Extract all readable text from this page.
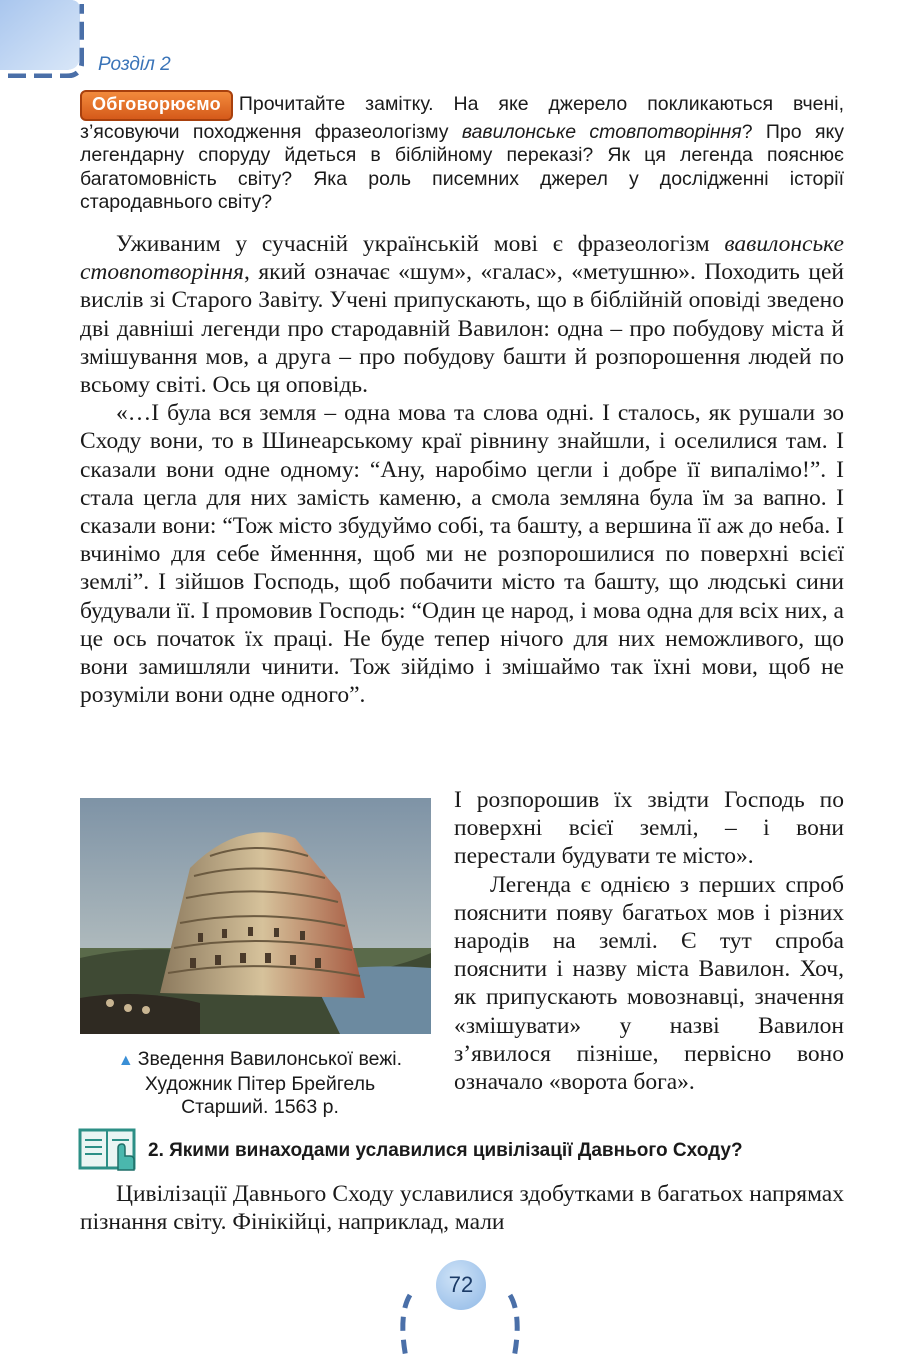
Розділ 2
Обговорюємо Прочитайте замітку. На яке джерело покликаються вчені, з’ясовуючи походження фразеологізму вавилонське стовпотворіння? Про яку легендарну споруду йдеться в біблійному переказі? Як ця легенда пояснює багатомовність світу? Яка роль писемних джерел у дослідженні історії стародавнього світу?

Уживаним у сучасній українській мові є фразеологізм вавилонське стовпотворіння, який означає «шум», «галас», «метушню». Походить цей вислів зі Старого Завіту. Учені припускають, що в біблійній оповіді зведено дві давніші легенди про стародавній Вавилон: одна – про побудову міста й змішування мов, а друга – про побудову башти й розпорошення людей по всьому світі. Ось ця оповідь.

«…І була вся земля – одна мова та слова одні. І сталось, як рушали зо Сходу вони, то в Шинеарському краї рівнину знайшли, і оселилися там. І сказали вони одне одному: “Ану, наробімо цегли і добре її випалімо!”. І стала цегла для них замість каменю, а смола земляна була їм за вапно. І сказали вони: “Тож місто збудуймо собі, та башту, а вершина її аж до неба. І вчинімо для себе йменння, щоб ми не розпорошилися по поверхні всієї землі”. І зійшов Господь, щоб побачити місто та башту, що людські сини будували її. І промовив Господь: “Один це народ, і мова одна для всіх них, а це ось початок їх праці. Не буде тепер нічого для них неможливого, що вони замишляли чинити. Тож зійдімо і змішаймо так їхні мови, щоб не розуміли вони одне одного”.

▲ Зведення Вавилонської вежі.
Художник Пітер Брейгель
Старший. 1563 р.

І розпорошив їх звідти Господь по поверхні всієї землі, – і вони перестали будувати те місто».

Легенда є однією з перших спроб пояснити появу багатьох мов і різних народів на землі. Є тут спроба пояснити і назву міста Вавилон. Хоч, як припускають мовознавці, значення «змішувати» у назві Вавилон з’явилося пізніше, первісно воно означало «ворота бога».

2. Якими винаходами уславилися цивілізації Давнього Сходу?

Цивілізації Давнього Сходу уславилися здобутками в багатьох напрямах пізнання світу. Фінікійці, наприклад, мали

72
